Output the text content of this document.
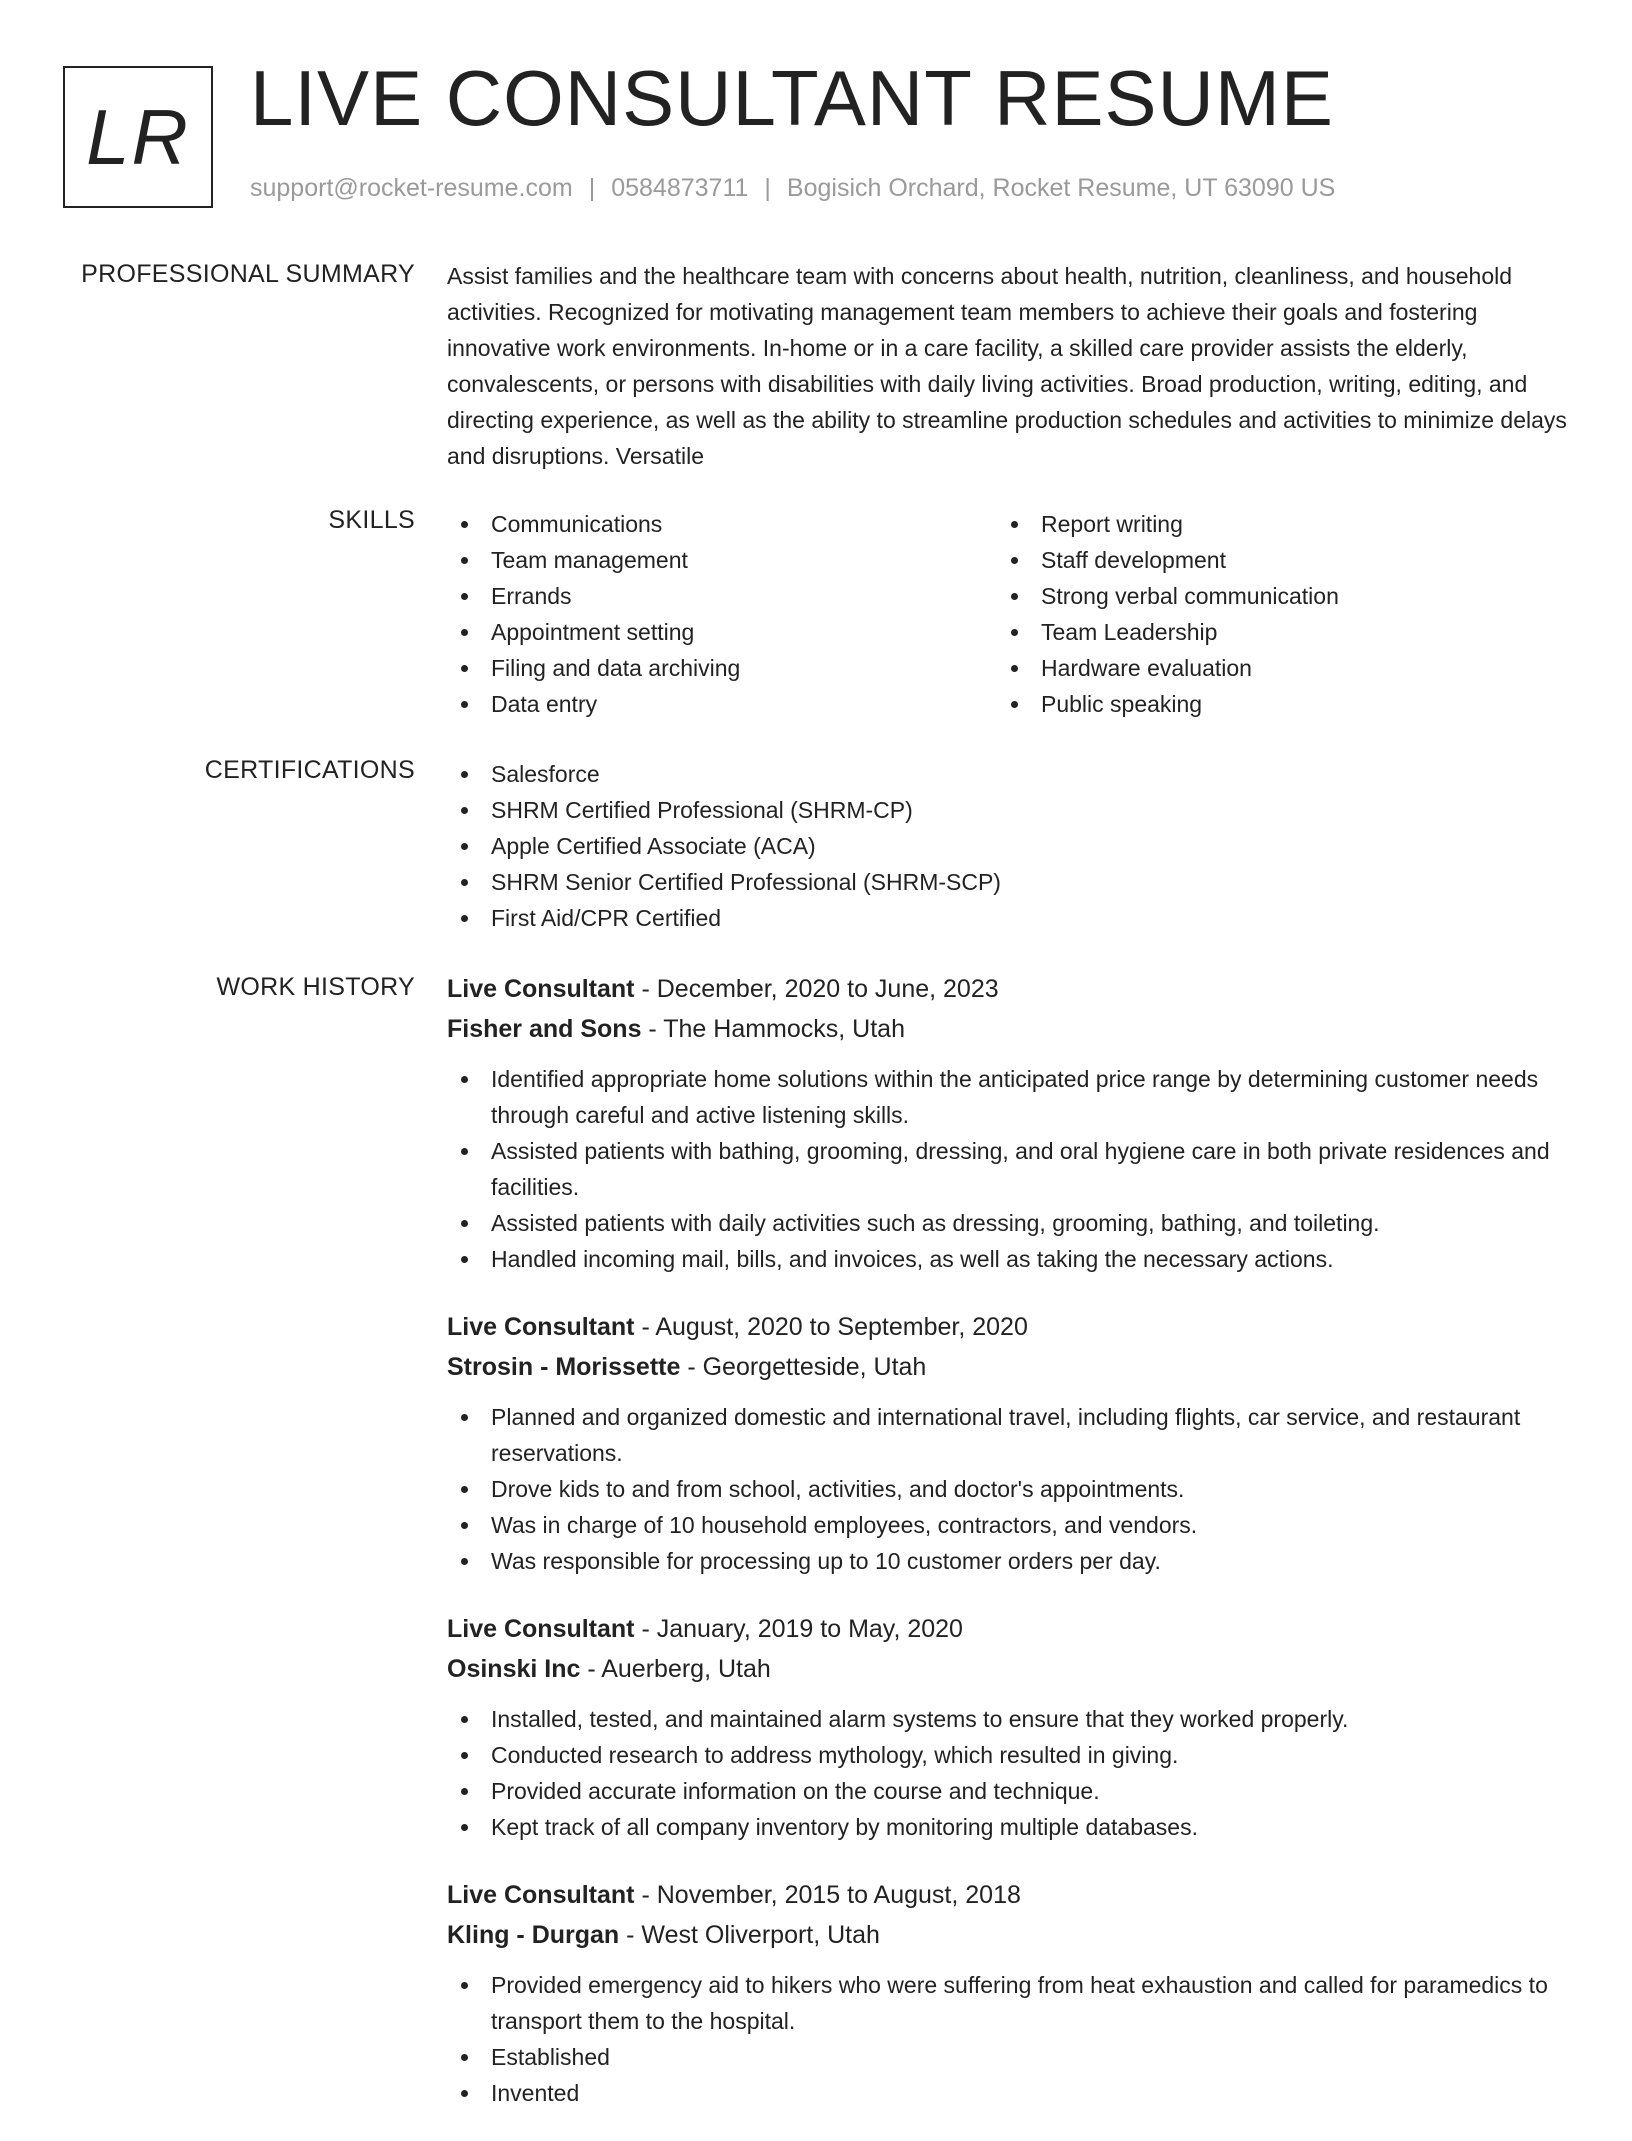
LR LIVE CONSULTANT RESUME
support@rocket-resume.com | 0584873711 | Bogisich Orchard, Rocket Resume, UT 63090 US
PROFESSIONAL SUMMARY Assist families and the healthcare team with concerns about health, nutrition, cleanliness, and household activities. Recognized for motivating management team members to achieve their goals and fostering innovative work environments. In-home or in a care facility, a skilled care provider assists the elderly, convalescents, or persons with disabilities with daily living activities. Broad production, writing, editing, and directing experience, as well as the ability to streamline production schedules and activities to minimize delays and disruptions. Versatile
SKILLS	Communications
Team management
Errands
Appointment setting
Filing and data archiving
Data entry
Report writing
Staff development
Strong verbal communication
Team Leadership
Hardware evaluation
Public speaking
CERTIFICATIONS	Salesforce
SHRM Certified Professional (SHRM-CP)
Apple Certified Associate (ACA)
SHRM Senior Certified Professional (SHRM-SCP)
First Aid/CPR Certified
WORK HISTORY Live Consultant - December, 2020 to June, 2023
Fisher and Sons - The Hammocks, Utah
Identified appropriate home solutions within the anticipated price range by determining customer needs through careful and active listening skills.
Assisted patients with bathing, grooming, dressing, and oral hygiene care in both private residences and facilities.
Assisted patients with daily activities such as dressing, grooming, bathing, and toileting.
Handled incoming mail, bills, and invoices, as well as taking the necessary actions.
Live Consultant - August, 2020 to September, 2020
Strosin - Morissette - Georgetteside, Utah
Planned and organized domestic and international travel, including flights, car service, and restaurant reservations.
Drove kids to and from school, activities, and doctor's appointments.
Was in charge of 10 household employees, contractors, and vendors.
Was responsible for processing up to 10 customer orders per day.
Live Consultant - January, 2019 to May, 2020
Osinski Inc - Auerberg, Utah
Installed, tested, and maintained alarm systems to ensure that they worked properly.
Conducted research to address mythology, which resulted in giving.
Provided accurate information on the course and technique.
Kept track of all company inventory by monitoring multiple databases.
Live Consultant - November, 2015 to August, 2018
Kling - Durgan - West Oliverport, Utah
Provided emergency aid to hikers who were suffering from heat exhaustion and called for paramedics to transport them to the hospital.
Established
Invented
